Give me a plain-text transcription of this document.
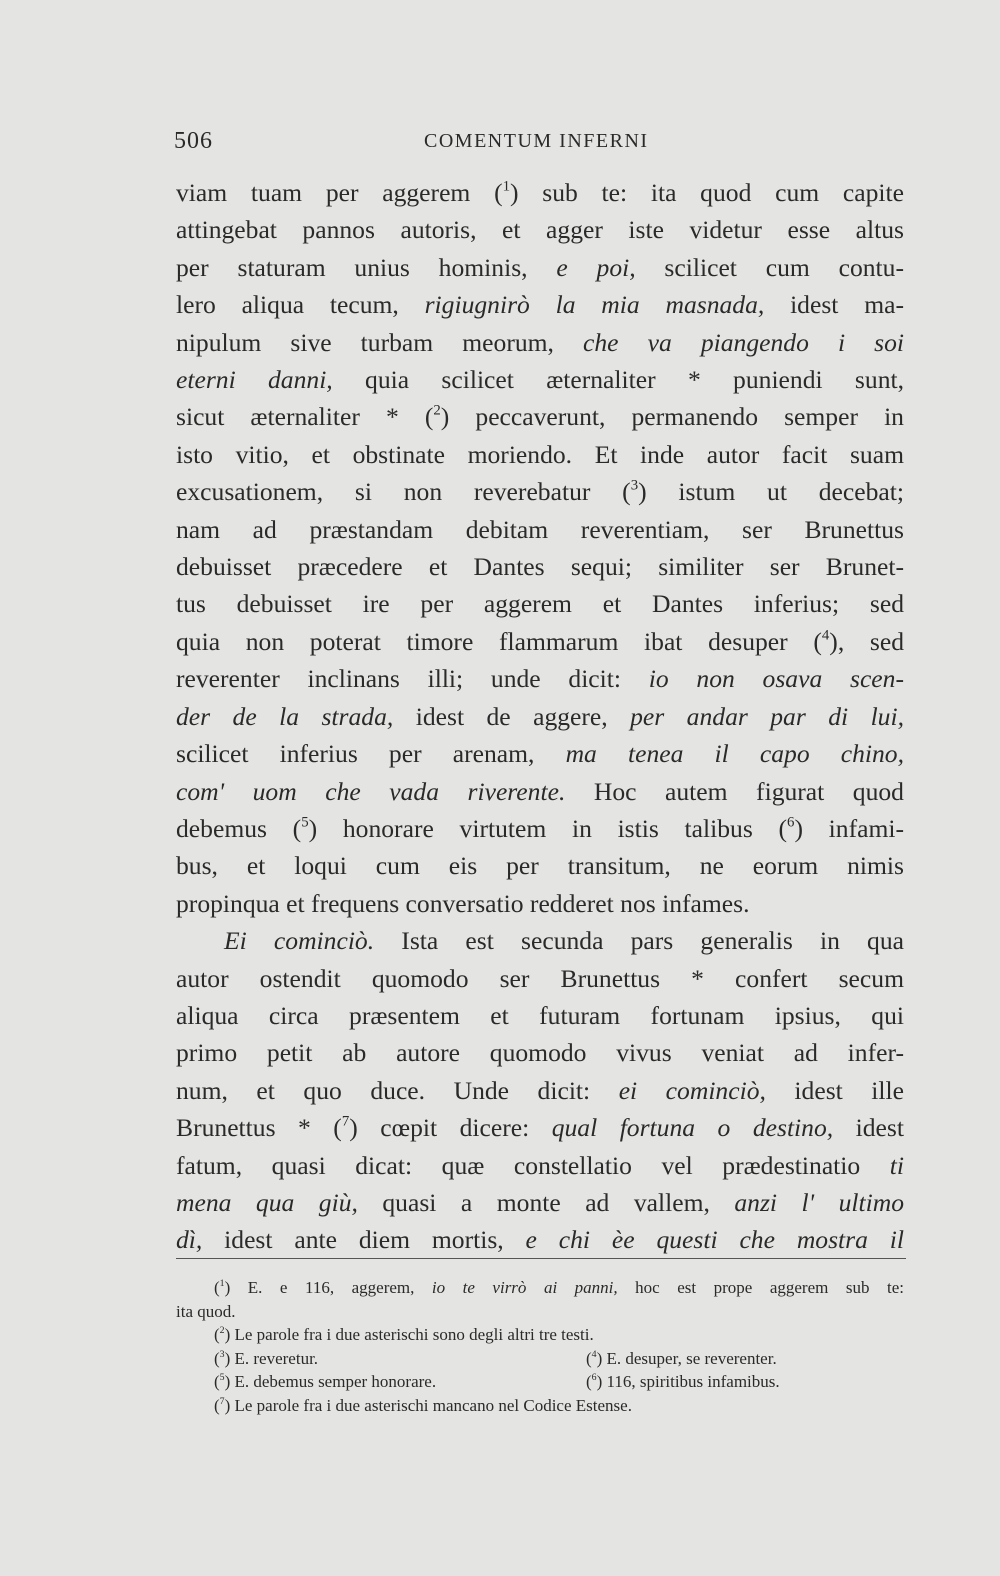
506	COMENTUM INFERNI
viam tuam per aggerem ($^1$) sub te: ita quod cum capite
attingebat pannos autoris, et agger iste videtur esse altus
per staturam unius hominis, e poi, scilicet cum contu-
lero aliqua tecum, rigiugnirò la mia masnada, idest ma-
nipulum sive turbam meorum, che va piangendo i soi
eterni danni, quia scilicet æternaliter * puniendi sunt,
sicut æternaliter * ($^2$) peccaverunt, permanendo semper in
isto vitio, et obstinate moriendo. Et inde autor facit suam
excusationem, si non reverebatur ($^3$) istum ut decebat;
nam ad præstandam debitam reverentiam, ser Brunettus
debuisset præcedere et Dantes sequi; similiter ser Brunet-
tus debuisset ire per aggerem et Dantes inferius; sed
quia non poterat timore flammarum ibat desuper ($^4$), sed
reverenter inclinans illi; unde dicit: io non osava scen-
der de la strada, idest de aggere, per andar par di lui,
scilicet inferius per arenam, ma tenea il capo chino,
com' uom che vada riverente. Hoc autem figurat quod
debemus ($^5$) honorare virtutem in istis talibus ($^6$) infami-
bus, et loqui cum eis per transitum, ne eorum nimis
propinqua et frequens conversatio redderet nos infames.
Ei cominciò. Ista est secunda pars generalis in qua
autor ostendit quomodo ser Brunettus * confert secum
aliqua circa præsentem et futuram fortunam ipsius, qui
primo petit ab autore quomodo vivus veniat ad infer-
num, et quo duce. Unde dicit: ei cominciò, idest ille
Brunettus * ($^7$) cœpit dicere: qual fortuna o destino, idest
fatum, quasi dicat: quæ constellatio vel prædestinatio ti
mena qua giù, quasi a monte ad vallem, anzi l' ultimo
dì, idest ante diem mortis, e chi èe questi che mostra il
($^1$) E. e 116, aggerem, io te virrò ai panni, hoc est prope aggerem sub te:
ita quod.
($^2$) Le parole fra i due asterischi sono degli altri tre testi.
($^3$) E. reveretur.	($^4$) E. desuper, se reverenter.
($^5$) E. debemus semper honorare.	($^6$) 116, spiritibus infamibus.
($^7$) Le parole fra i due asterischi mancano nel Codice Estense.
